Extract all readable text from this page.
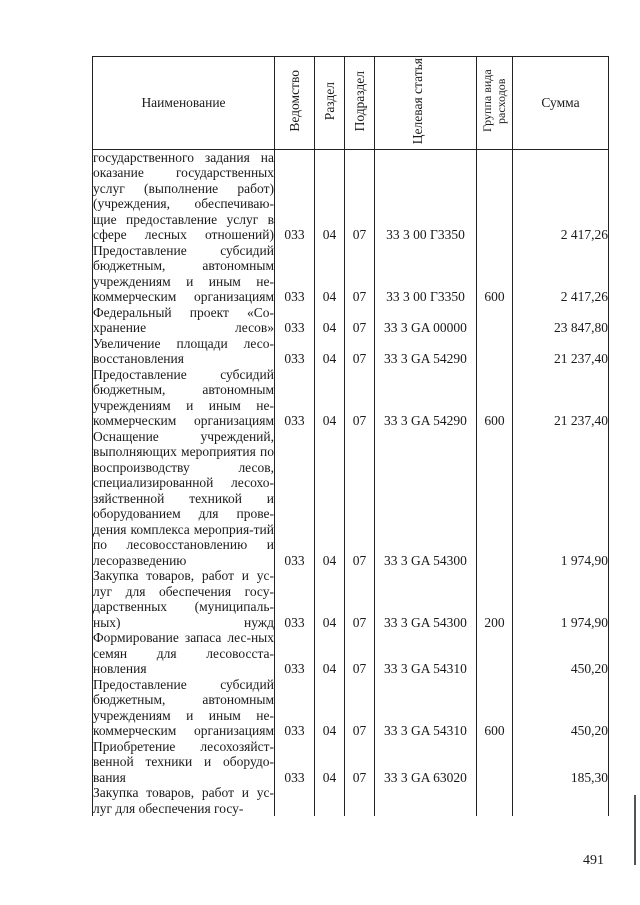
Наименование	Ведомство	Раздел	Подраздел	Целевая статья	Группа вида расходов	Сумма
государственного задания на оказание государственных услуг (выполнение работ) (учреждения, обеспечиваю-щие предоставление услуг в сфере лесных отношений)	033	04	07	33 3 00 Г3350		2 417,26
Предоставление субсидий бюджетным, автономным учреждениям и иным не-коммерческим организациям	033	04	07	33 3 00 Г3350	600	2 417,26
Федеральный проект «Со-хранение лесов»	033	04	07	33 3 GA 00000		23 847,80
Увеличение площади лесо-восстановления	033	04	07	33 3 GA 54290		21 237,40
Предоставление субсидий бюджетным, автономным учреждениям и иным не-коммерческим организациям	033	04	07	33 3 GA 54290	600	21 237,40
Оснащение учреждений, выполняющих мероприятия по воспроизводству лесов, специализированной лесохо-зяйственной техникой и оборудованием для прове-дения комплекса мероприя-тий по лесовосстановлению и лесоразведению	033	04	07	33 3 GA 54300		1 974,90
Закупка товаров, работ и ус-луг для обеспечения госу-дарственных (муниципаль-ных) нужд	033	04	07	33 3 GA 54300	200	1 974,90
Формирование запаса лес-ных семян для лесовосста-новления	033	04	07	33 3 GA 54310		450,20
Предоставление субсидий бюджетным, автономным учреждениям и иным не-коммерческим организациям	033	04	07	33 3 GA 54310	600	450,20
Приобретение лесохозяйст-венной техники и оборудо-вания	033	04	07	33 3 GA 63020		185,30
Закупка товаров, работ и ус-луг для обеспечения госу-						
491
